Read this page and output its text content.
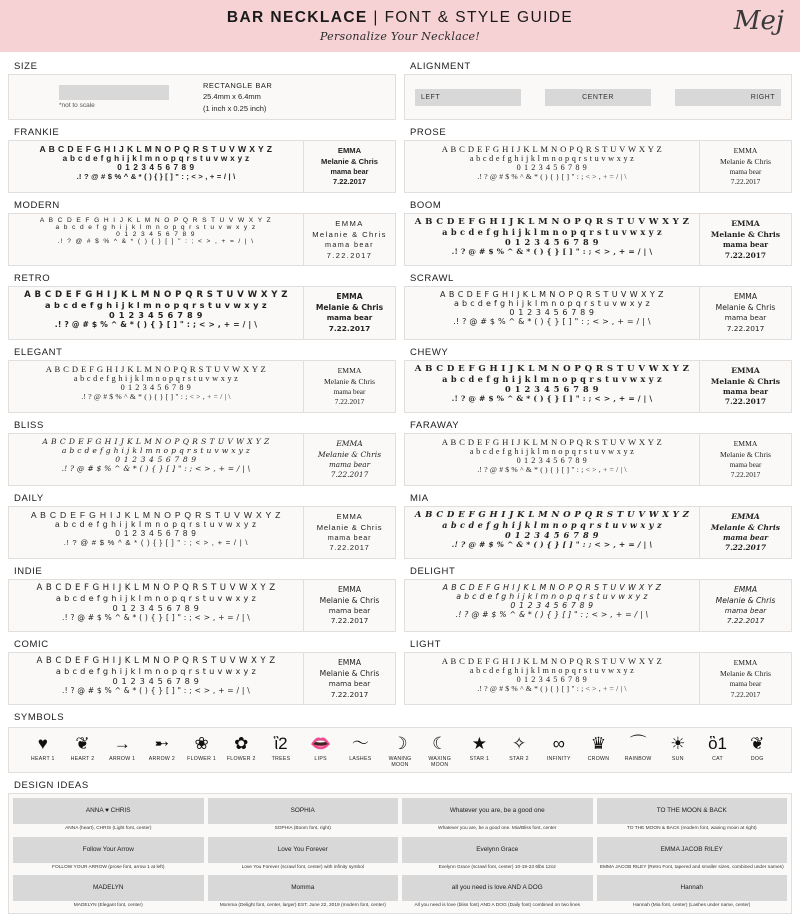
BAR NECKLACE | FONT & STYLE GUIDE
Personalize Your Necklace!
Mej
SIZE
*not to scale
RECTANGLE BAR
25.4mm x 6.4mm
(1 inch x 0.25 inch)
ALIGNMENT
LEFT	CENTER	RIGHT
FRANKIE
A B C D E F G H I J K L M N O P Q R S T U V W X Y Z
a b c d e f g h i j k l m n o p q r s t u v w x y z
0 1 2 3 4 5 6 7 8 9
.! ? @ # $ % ^ & * ( ) { } [ ] " : ; < > , + = / | \
EMMA
Melanie & Chris
mama bear
7.22.2017
MODERN
A B C D E F G H I J K L M N O P Q R S T U V W X Y Z
a b c d e f g h i j k l m n o p q r s t u v w x y z
0 1 2 3 4 5 6 7 8 9
.! ? @ # $ % ^ & * ( ) { } [ ] " : ; < > , + = / | \
EMMA
Melanie & Chris
mama bear
7.22.2017
RETRO
A B C D E F G H I J K L M N O P Q R S T U V W X Y Z
a b c d e f g h i j k l m n o p q r s t u v w x y z
0 1 2 3 4 5 6 7 8 9
.! ? @ # $ % ^ & * ( ) { } [ ] " : ; < > , + = / | \
EMMA
Melanie & Chris
mama bear
7.22.2017
ELEGANT
A B C D E F G H I J K L M N O P Q R S T U V W X Y Z
a b c d e f g h i j k l m n o p q r s t u v w x y z
0 1 2 3 4 5 6 7 8 9
.! ? @ # $ % ^ & * ( ) { } [ ] " : ; < > , + = / | \
EMMA
Melanie & Chris
mama bear
7.22.2017
BLISS
A B C D E F G H I J K L M N O P Q R S T U V W X Y Z
a b c d e f g h i j k l m n o p q r s t u v w x y z
0 1 2 3 4 5 6 7 8 9
.! ? @ # $ % ^ & * ( ) { } [ ] " : ; < > , + = / | \
EMMA
Melanie & Chris
mama bear
7.22.2017
DAILY
A B C D E F G H I J K L M N O P Q R S T U V W X Y Z
a b c d e f g h i j k l m n o p q r s t u v w x y z
0 1 2 3 4 5 6 7 8 9
.! ? @ # $ % ^ & * ( ) { } [ ] " : ; < > , + = / | \
EMMA
Melanie & Chris
mama bear
7.22.2017
INDIE
A B C D E F G H I J K L M N O P Q R S T U V W X Y Z
a b c d e f g h i j k l m n o p q r s t u v w x y z
0 1 2 3 4 5 6 7 8 9
.! ? @ # $ % ^ & * ( ) { } [ ] " : ; < > , + = / | \
EMMA
Melanie & Chris
mama bear
7.22.2017
COMIC
A B C D E F G H I J K L M N O P Q R S T U V W X Y Z
a b c d e f g h i j k l m n o p q r s t u v w x y z
0 1 2 3 4 5 6 7 8 9
.! ? @ # $ % ^ & * ( ) { } [ ] " : ; < > , + = / | \
EMMA
Melanie & Chris
mama bear
7.22.2017
PROSE
A B C D E F G H I J K L M N O P Q R S T U V W X Y Z
a b c d e f g h i j k l m n o p q r s t u v w x y z
0 1 2 3 4 5 6 7 8 9
.! ? @ # $ % ^ & * ( ) { } [ ] " : ; < > , + = / | \
EMMA
Melanie & Chris
mama bear
7.22.2017
BOOM
A B C D E F G H I J K L M N O P Q R S T U V W X Y Z
a b c d e f g h i j k l m n o p q r s t u v w x y z
0 1 2 3 4 5 6 7 8 9
.! ? @ # $ % ^ & * ( ) { } [ ] " : ; < > , + = / | \
EMMA
Melanie & Chris
mama bear
7.22.2017
SCRAWL
A B C D E F G H I J K L M N O P Q R S T U V W X Y Z
a b c d e f g h i j k l m n o p q r s t u v w x y z
0 1 2 3 4 5 6 7 8 9
.! ? @ # $ % ^ & * ( ) { } [ ] " : ; < > , + = / | \
EMMA
Melanie & Chris
mama bear
7.22.2017
CHEWY
A B C D E F G H I J K L M N O P Q R S T U V W X Y Z
a b c d e f g h i j k l m n o p q r s t u v w x y z
0 1 2 3 4 5 6 7 8 9
.! ? @ # $ % ^ & * ( ) { } [ ] " : ; < > , + = / | \
EMMA
Melanie & Chris
mama bear
7.22.2017
FARAWAY
A B C D E F G H I J K L M N O P Q R S T U V W X Y Z
a b c d e f g h i j k l m n o p q r s t u v w x y z
0 1 2 3 4 5 6 7 8 9
.! ? @ # $ % ^ & * ( ) { } [ ] " : ; < > , + = / | \
EMMA
Melanie & Chris
mama bear
7.22.2017
MIA
A B C D E F G H I J K L M N O P Q R S T U V W X Y Z
a b c d e f g h i j k l m n o p q r s t u v w x y z
0 1 2 3 4 5 6 7 8 9
.! ? @ # $ % ^ & * ( ) { } [ ] " : ; < > , + = / | \
EMMA
Melanie & Chris
mama bear
7.22.2017
DELIGHT
A B C D E F G H I J K L M N O P Q R S T U V W X Y Z
a b c d e f g h i j k l m n o p q r s t u v w x y z
0 1 2 3 4 5 6 7 8 9
.! ? @ # $ % ^ & * ( ) { } [ ] " : ; < > , + = / | \
EMMA
Melanie & Chris
mama bear
7.22.2017
LIGHT
A B C D E F G H I J K L M N O P Q R S T U V W X Y Z
a b c d e f g h i j k l m n o p q r s t u v w x y z
0 1 2 3 4 5 6 7 8 9
.! ? @ # $ % ^ & * ( ) { } [ ] " : ; < > , + = / | \
EMMA
Melanie & Chris
mama bear
7.22.2017
SYMBOLS
♥
HEART 1
❦
HEART 2
→
ARROW 1
➸
ARROW 2
❀
FLOWER 1
✿
FLOWER 2
ἳ2
TREES
👄
LIPS
〜
LASHES
☽
WANING MOON
☾
WAXING MOON
★
STAR 1
✧
STAR 2
∞
INFINITY
♛
CROWN
⌒
RAINBOW
☀
SUN
ὃ1
CAT
❦
DOG
DESIGN IDEAS
ANNA ♥ CHRIS
ANNA (heart), CHRIS (Light font, center)
SOPHIA
SOPHIA (Boom font, right)
Whatever you are, be a good one
Whatever you are, be a good one. Mia/Bliss font, center
TO THE MOON & BACK
TO THE MOON & BACK (modern font, waxing moon at right)
Follow Your Arrow
FOLLOW YOUR ARROW (prose font, arrow 1 at left)
Love You Forever
Love You Forever (scrawl font, center) with infinity symbol
Evelynn Grace
Evelynn Grace (scrawl font, center) 10-19-23 6lbs 12oz
EMMA JACOB RILEY
EMMA JACOB RILEY (Retro Font, tapered and smaller sizes, combined under names)
MADELYN
MADELYN (Elegant font, center)
Momma
Momma (Delight font, center, larger) EST. June 22, 2019 (modern font, center)
all you need is love AND A DOG
All you need is love (bliss font) AND A DOG (Daily font) combined on two lines
Hannah
Hannah (Mia font, center) (Lashes under name, center)
